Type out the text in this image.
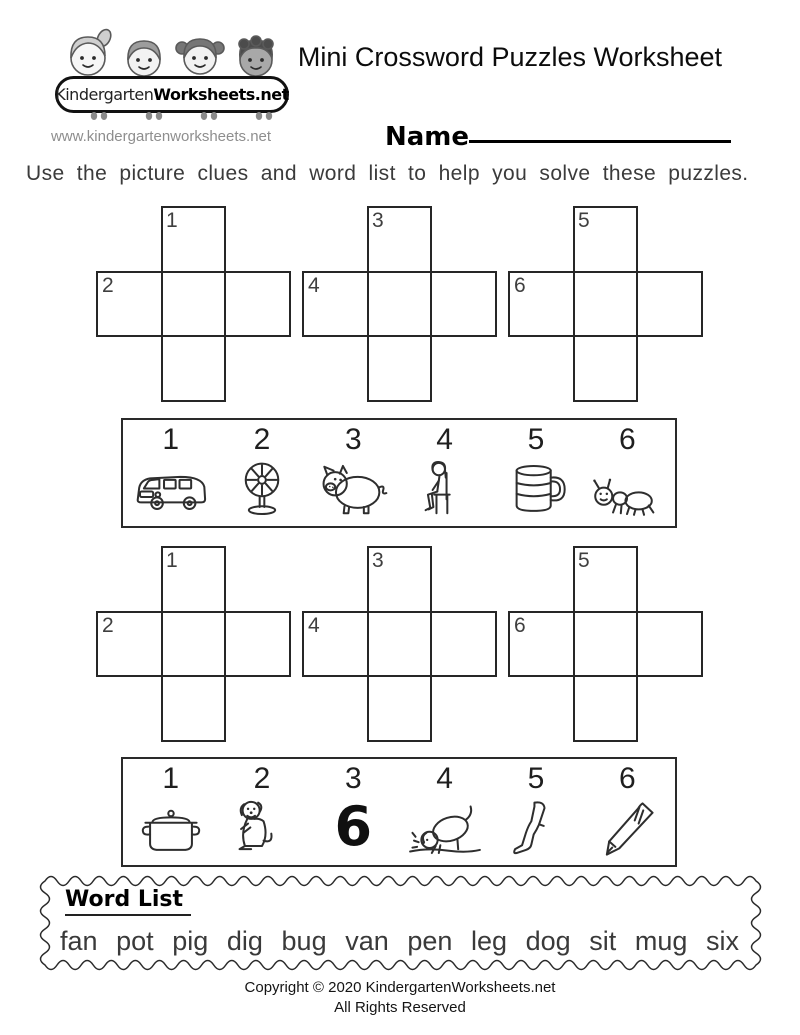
Kindergarten Worksheets.net
www.kindergartenworksheets.net
Mini Crossword Puzzles Worksheet
Name
Use the picture clues and word list to help you solve these puzzles.
1
2
3
4
5
6
1 2 3 4 5 6
1
2
3
4
5
6
1 2 3
6
4 5 6
Word List
fan pot pig dig bug van pen leg dog sit mug six
Copyright © 2020 KindergartenWorksheets.net
All Rights Reserved
